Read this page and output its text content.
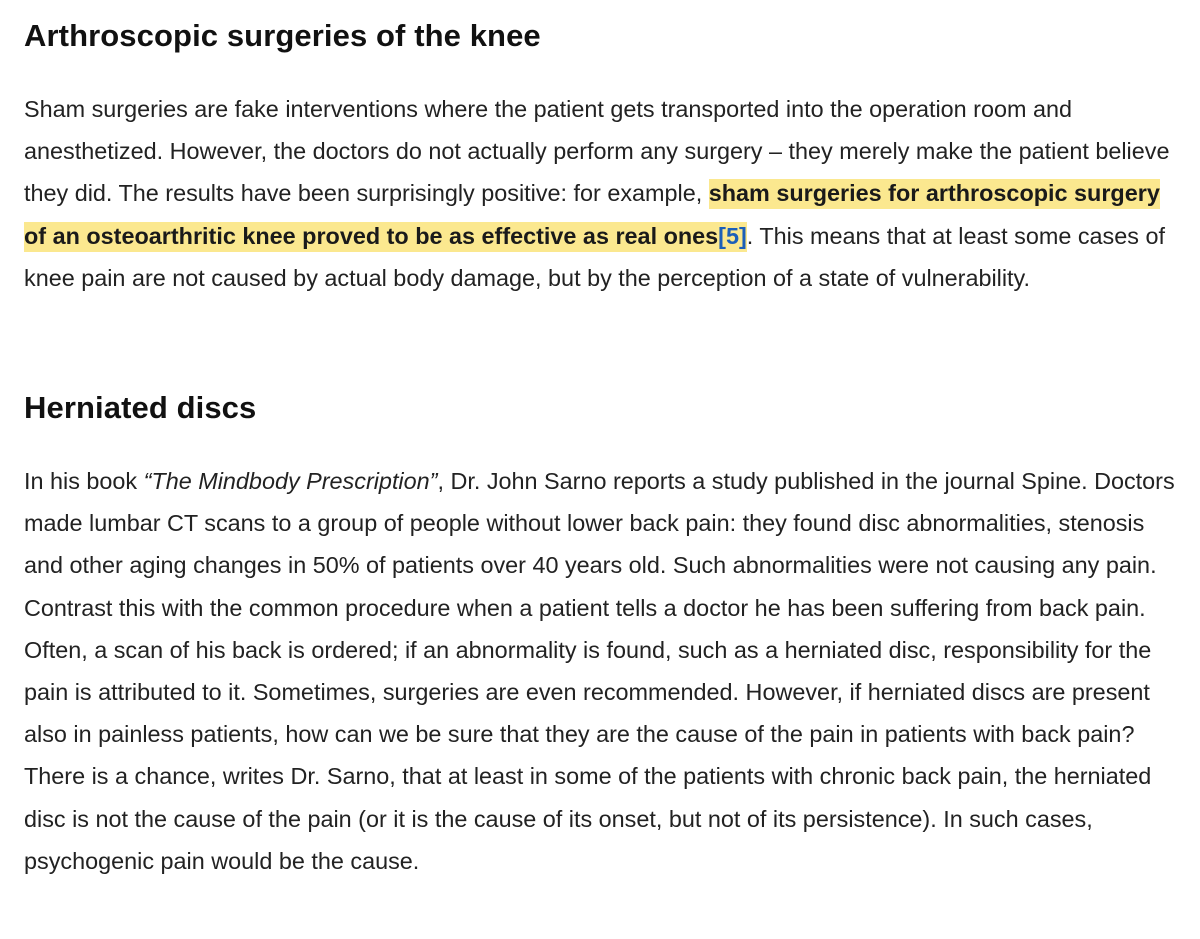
Arthroscopic surgeries of the knee

Sham surgeries are fake interventions where the patient gets transported into the operation room and anesthetized. However, the doctors do not actually perform any surgery – they merely make the patient believe they did. The results have been surprisingly positive: for example, sham surgeries for arthroscopic surgery of an osteoarthritic knee proved to be as effective as real ones[5]. This means that at least some cases of knee pain are not caused by actual body damage, but by the perception of a state of vulnerability.

Herniated discs

In his book “The Mindbody Prescription”, Dr. John Sarno reports a study published in the journal Spine. Doctors made lumbar CT scans to a group of people without lower back pain: they found disc abnormalities, stenosis and other aging changes in 50% of patients over 40 years old. Such abnormalities were not causing any pain. Contrast this with the common procedure when a patient tells a doctor he has been suffering from back pain. Often, a scan of his back is ordered; if an abnormality is found, such as a herniated disc, responsibility for the pain is attributed to it. Sometimes, surgeries are even recommended. However, if herniated discs are present also in painless patients, how can we be sure that they are the cause of the pain in patients with back pain? There is a chance, writes Dr. Sarno, that at least in some of the patients with chronic back pain, the herniated disc is not the cause of the pain (or it is the cause of its onset, but not of its persistence). In such cases, psychogenic pain would be the cause.
